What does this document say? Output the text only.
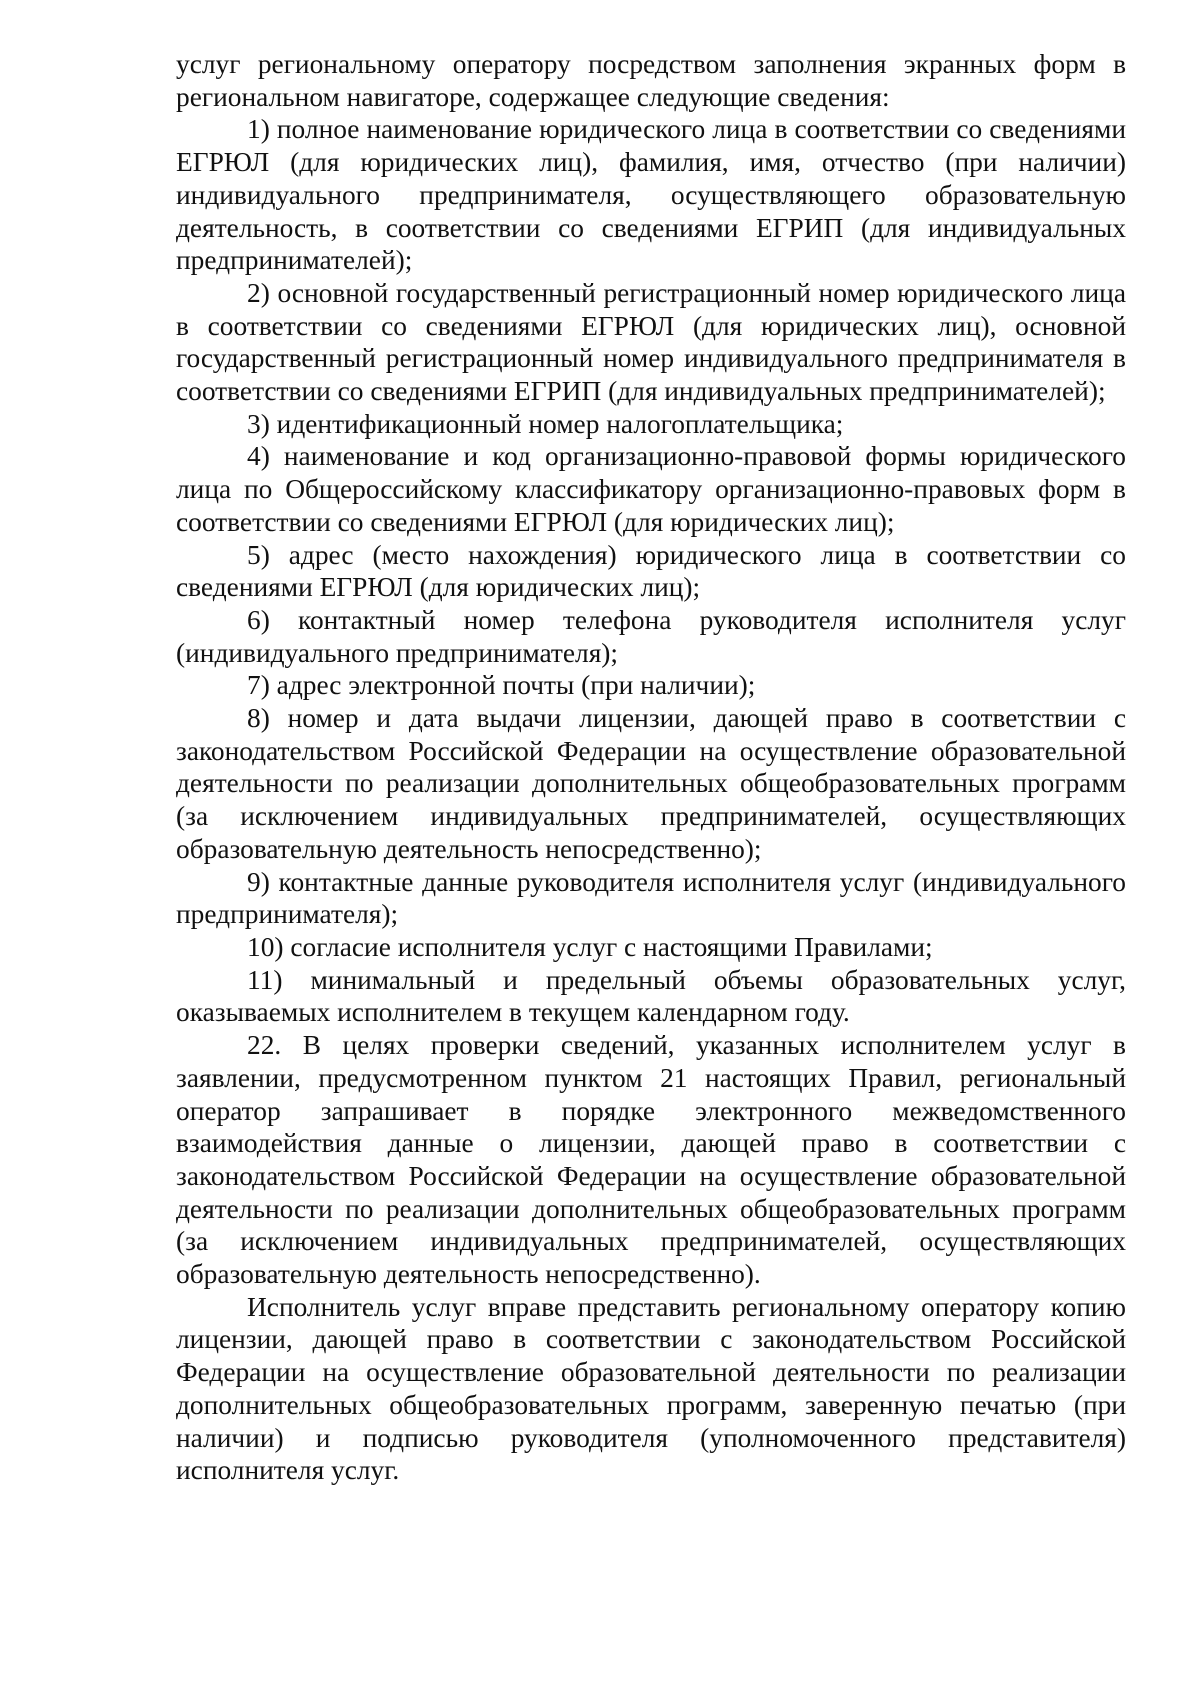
услуг региональному оператору посредством заполнения экранных форм в региональном навигаторе, содержащее следующие сведения:

1) полное наименование юридического лица в соответствии со сведениями ЕГРЮЛ (для юридических лиц), фамилия, имя, отчество (при наличии) индивидуального предпринимателя, осуществляющего образовательную деятельность, в соответствии со сведениями ЕГРИП (для индивидуальных предпринимателей);

2) основной государственный регистрационный номер юридического лица в соответствии со сведениями ЕГРЮЛ (для юридических лиц), основной государственный регистрационный номер индивидуального предпринимателя в соответствии со сведениями ЕГРИП (для индивидуальных предпринимателей);

3) идентификационный номер налогоплательщика;

4) наименование и код организационно-правовой формы юридического лица по Общероссийскому классификатору организационно-правовых форм в соответствии со сведениями ЕГРЮЛ (для юридических лиц);

5) адрес (место нахождения) юридического лица в соответствии со сведениями ЕГРЮЛ (для юридических лиц);

6) контактный номер телефона руководителя исполнителя услуг (индивидуального предпринимателя);

7) адрес электронной почты (при наличии);

8) номер и дата выдачи лицензии, дающей право в соответствии с законодательством Российской Федерации на осуществление образовательной деятельности по реализации дополнительных общеобразовательных программ (за исключением индивидуальных предпринимателей, осуществляющих образовательную деятельность непосредственно);

9) контактные данные руководителя исполнителя услуг (индивидуального предпринимателя);

10) согласие исполнителя услуг с настоящими Правилами;

11) минимальный и предельный объемы образовательных услуг, оказываемых исполнителем в текущем календарном году.

22. В целях проверки сведений, указанных исполнителем услуг в заявлении, предусмотренном пунктом 21 настоящих Правил, региональный оператор запрашивает в порядке электронного межведомственного взаимодействия данные о лицензии, дающей право в соответствии с законодательством Российской Федерации на осуществление образовательной деятельности по реализации дополнительных общеобразовательных программ (за исключением индивидуальных предпринимателей, осуществляющих образовательную деятельность непосредственно).

Исполнитель услуг вправе представить региональному оператору копию лицензии, дающей право в соответствии с законодательством Российской Федерации на осуществление образовательной деятельности по реализации дополнительных общеобразовательных программ, заверенную печатью (при наличии) и подписью руководителя (уполномоченного представителя) исполнителя услуг.
